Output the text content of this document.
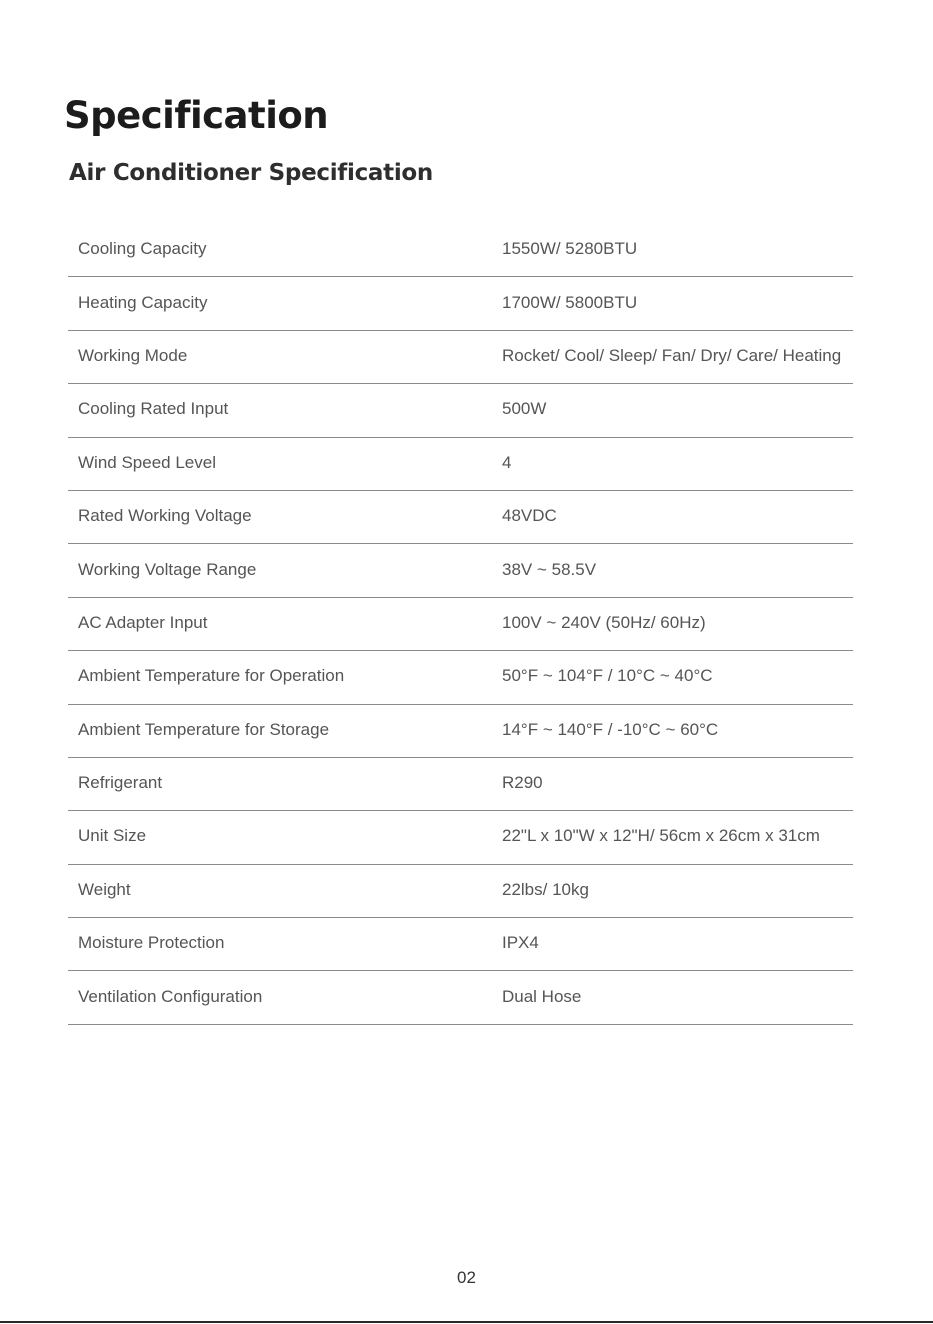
Specification
Air Conditioner Specification
Cooling Capacity	1550W/ 5280BTU
Heating Capacity	1700W/ 5800BTU
Working Mode	Rocket/ Cool/ Sleep/ Fan/ Dry/ Care/ Heating
Cooling Rated Input	500W
Wind Speed Level	4
Rated Working Voltage	48VDC
Working Voltage Range	38V ~ 58.5V
AC Adapter Input	100V ~ 240V (50Hz/ 60Hz)
Ambient Temperature for Operation	50°F ~ 104°F / 10°C ~ 40°C
Ambient Temperature for Storage	14°F ~ 140°F / -10°C ~ 60°C
Refrigerant	R290
Unit Size	22"L x 10"W x 12"H/ 56cm x 26cm x 31cm
Weight	22lbs/ 10kg
Moisture Protection	IPX4
Ventilation Configuration	Dual Hose
02
